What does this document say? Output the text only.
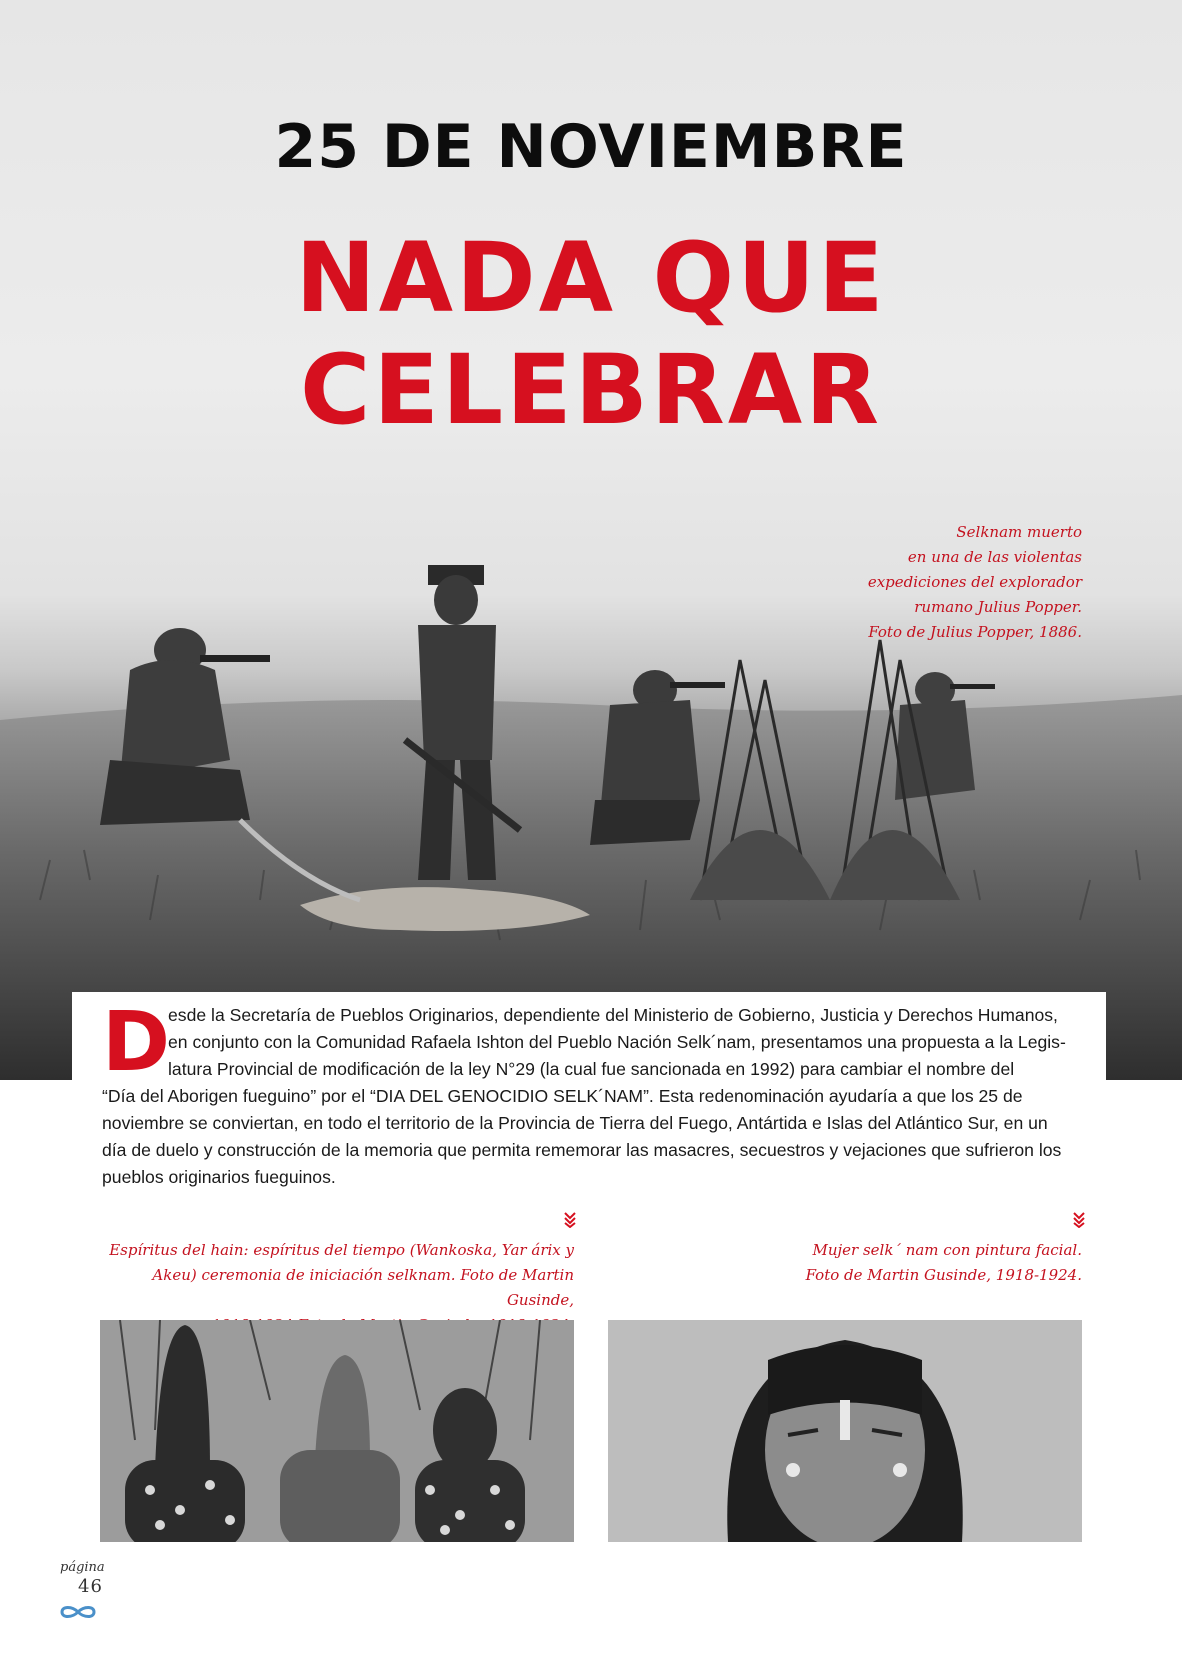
25 DE NOVIEMBRE
NADA QUE
CELEBRAR

Selknam muerto

en una de las violentas

expediciones del explorador

rumano Julius Popper.

Foto de Julius Popper, 1886.

D

esde la Secretaría de Pueblos Originarios, dependiente del Ministerio de Gobierno, Justicia y Derechos Humanos,
en conjunto con la Comunidad Rafaela Ishton del Pueblo Nación Selk´nam, presentamos una propuesta a la Legis-
latura Provincial de modificación de la ley N°29 (la cual fue sancionada en 1992) para cambiar el nombre del
“Día del Aborigen fueguino” por el “DIA DEL GENOCIDIO SELK´NAM”. Esta redenominación ayudaría a que los 25 de
noviembre se conviertan, en todo el territorio de la Provincia de Tierra del Fuego, Antártida e Islas del Atlántico Sur, en un
día de duelo y construcción de la memoria que permita rememorar las masacres, secuestros y vejaciones que sufrieron los
pueblos originarios fueguinos.

Espíritus del hain: espíritus del tiempo (Wankoska, Yar árix y

Akeu) ceremonia de iniciación selknam. Foto de Martin Gusinde,

Mujer selk´ nam con pintura facial.

Foto de Martin Gusinde, 1918-1924.

página
46
